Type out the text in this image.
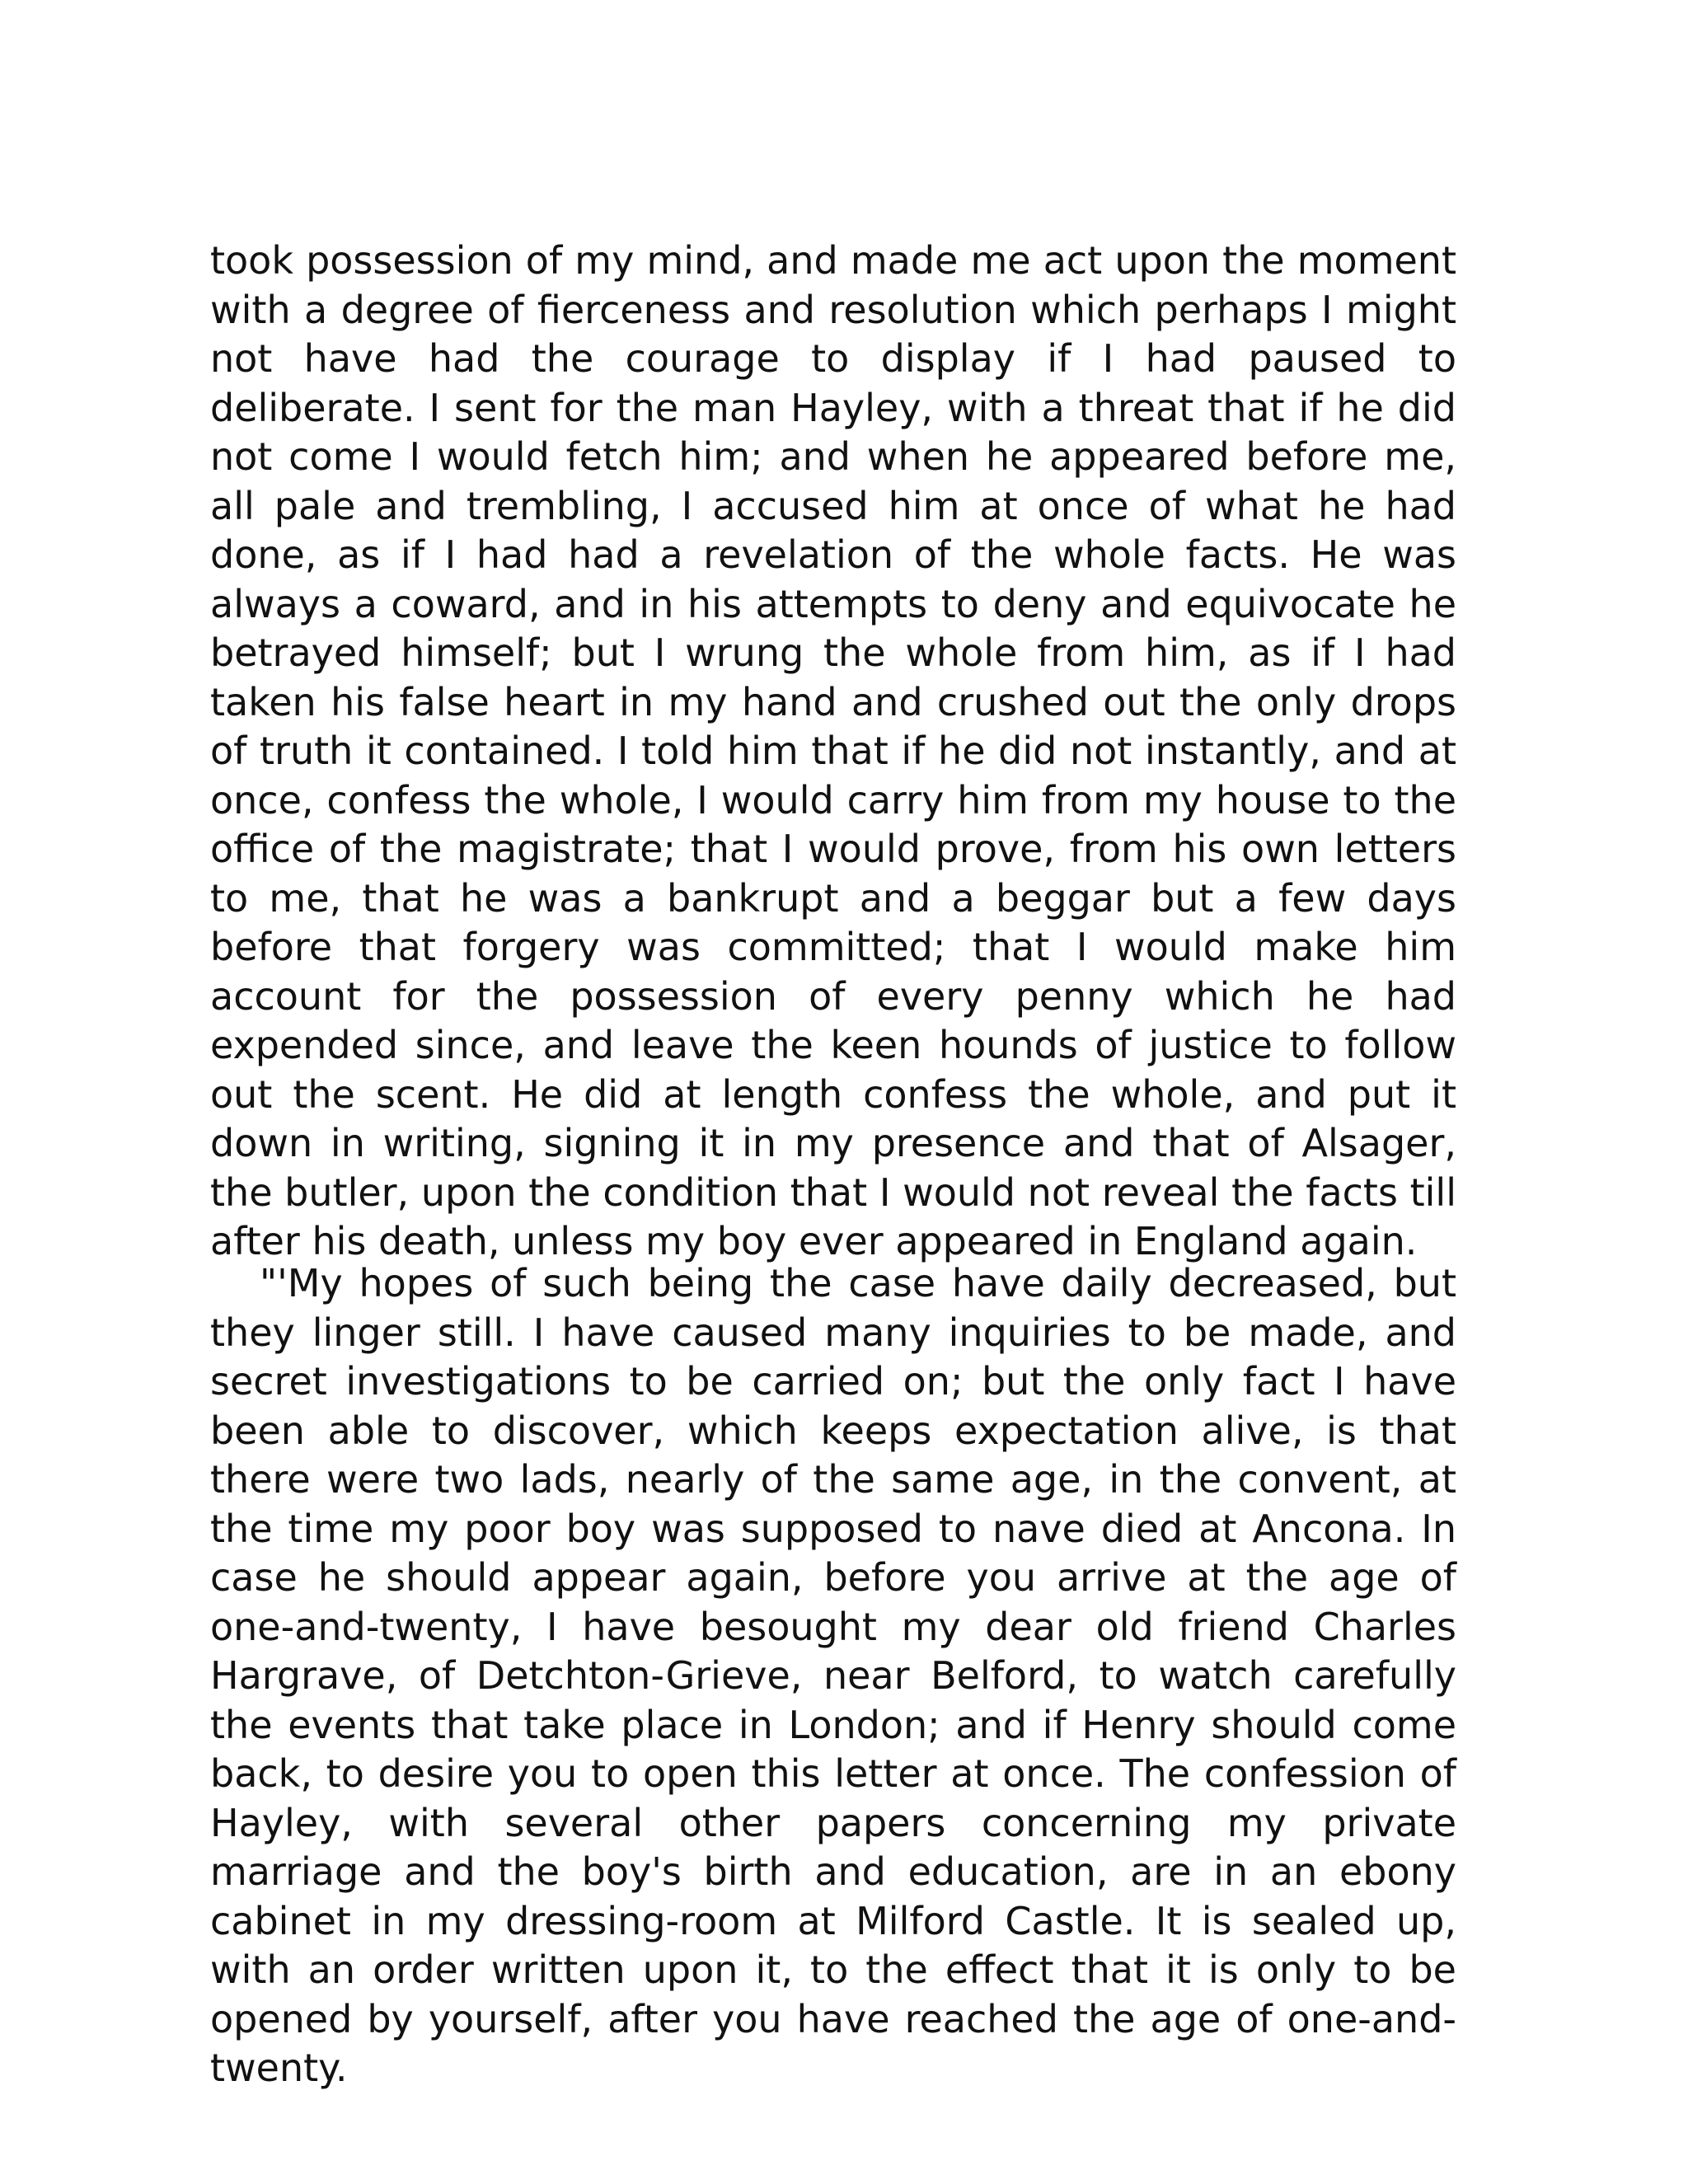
took possession of my mind, and made me act upon the moment with a degree of fierceness and resolution which perhaps I might not have had the courage to display if I had paused to deliberate. I sent for the man Hayley, with a threat that if he did not come I would fetch him; and when he appeared before me, all pale and trembling, I accused him at once of what he had done, as if I had had a revelation of the whole facts. He was always a coward, and in his attempts to deny and equivocate he betrayed himself; but I wrung the whole from him, as if I had taken his false heart in my hand and crushed out the only drops of truth it contained. I told him that if he did not instantly, and at once, confess the whole, I would carry him from my house to the office of the magistrate; that I would prove, from his own letters to me, that he was a bankrupt and a beggar but a few days before that forgery was committed; that I would make him account for the possession of every penny which he had expended since, and leave the keen hounds of justice to follow out the scent. He did at length confess the whole, and put it down in writing, signing it in my presence and that of Alsager, the butler, upon the condition that I would not reveal the facts till after his death, unless my boy ever appeared in England again.

"'My hopes of such being the case have daily decreased, but they linger still. I have caused many inquiries to be made, and secret investigations to be carried on; but the only fact I have been able to discover, which keeps expectation alive, is that there were two lads, nearly of the same age, in the convent, at the time my poor boy was supposed to nave died at Ancona. In case he should appear again, before you arrive at the age of one-and-twenty, I have besought my dear old friend Charles Hargrave, of Detchton-Grieve, near Belford, to watch carefully the events that take place in London; and if Henry should come back, to desire you to open this letter at once. The confession of Hayley, with several other papers concerning my private marriage and the boy's birth and education, are in an ebony cabinet in my dressing-room at Milford Castle. It is sealed up, with an order written upon it, to the effect that it is only to be opened by yourself, after you have reached the age of one-and-twenty.
